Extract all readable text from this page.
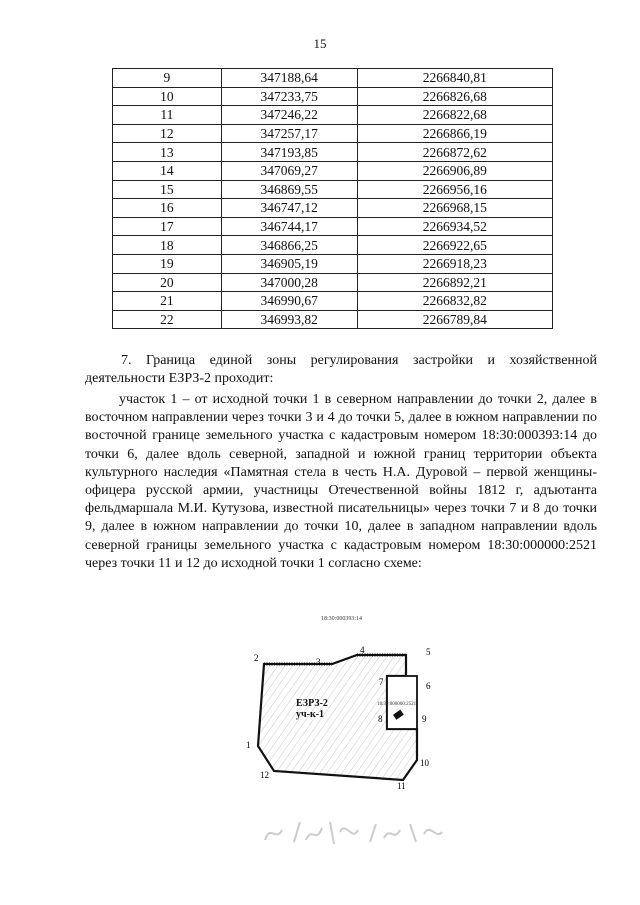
15
9	347188,64	2266840,81
10	347233,75	2266826,68
11	347246,22	2266822,68
12	347257,17	2266866,19
13	347193,85	2266872,62
14	347069,27	2266906,89
15	346869,55	2266956,16
16	346747,12	2266968,15
17	346744,17	2266934,52
18	346866,25	2266922,65
19	346905,19	2266918,23
20	347000,28	2266892,21
21	346990,67	2266832,82
22	346993,82	2266789,84
7. Граница единой зоны регулирования застройки и хозяйственной деятельности ЕЗРЗ-2 проходит:
участок 1 – от исходной точки 1 в северном направлении до точки 2, далее в восточном направлении через точки 3 и 4 до точки 5, далее в южном направлении по восточной границе земельного участка с кадастровым номером 18:30:000393:14 до точки 6, далее вдоль северной, западной и южной границ территории объекта культурного наследия «Памятная стела в честь Н.А. Дуровой – первой женщины-офицера русской армии, участницы Отечественной войны 1812 г, адъютанта фельдмаршала М.И. Кутузова, известной писательницы» через точки 7 и 8 до точки 9, далее в южном направлении до точки 10, далее в западном направлении вдоль северной границы земельного участка с кадастровым номером 18:30:000000:2521 через точки 11 и 12 до исходной точки 1 согласно схеме:
18:30:000393:14
18:30:000000:2521
ЕЗРЗ-2
уч-к-1
1
2	3
4	5
6
7
8	9
10
11
12
